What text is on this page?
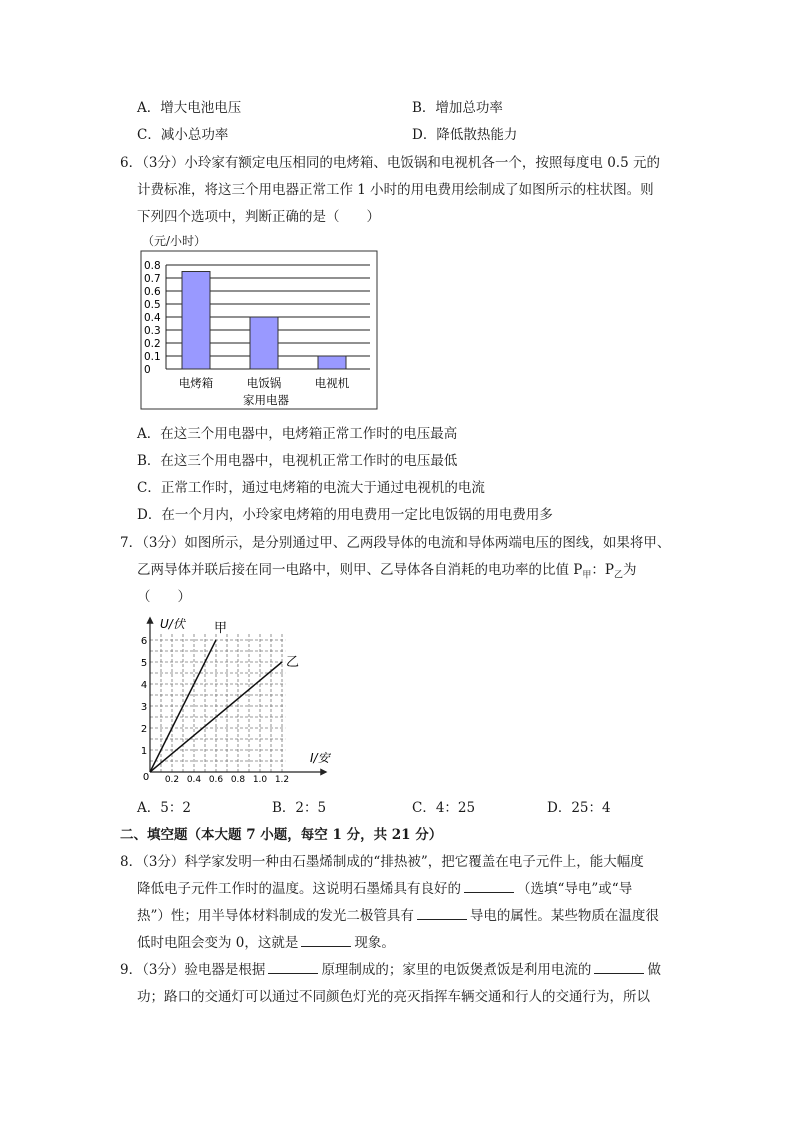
A．增大电池电压	B．增加总功率
C．减小总功率	D．降低散热能力
6．（3分）小玲家有额定电压相同的电烤箱、电饭锅和电视机各一个，按照每度电 0.5 元的
计费标准，将这三个用电器正常工作 1 小时的用电费用绘制成了如图所示的柱状图。则
下列四个选项中，判断正确的是（　　）
（元/小时）
0
0.1
0.2
0.3
0.4
0.5
0.6
0.7
0.8
电烤箱	电饭锅	电视机
家用电器
A．在这三个用电器中，电烤箱正常工作时的电压最高
B．在这三个用电器中，电视机正常工作时的电压最低
C．正常工作时，通过电烤箱的电流大于通过电视机的电流
D．在一个月内，小玲家电烤箱的用电费用一定比电饭锅的用电费用多
7．（3分）如图所示，是分别通过甲、乙两段导体的电流和导体两端电压的图线，如果将甲、
乙两导体并联后接在同一电路中，则甲、乙导体各自消耗的电功率的比值 $P_甲$：$P_乙$为
（　　）
0.2 0.4 0.6 0.8 1.0 1.2
1
2
3
4
5
6
甲
乙
0
U/伏
I/安
A．5：2	B．2：5	C．4：25	D．25：4
二、填空题（本大题 7 小题，每空 1 分，共 21 分）
8．（3分）科学家发明一种由石墨烯制成的“排热被”，把它覆盖在电子元件上，能大幅度
降低电子元件工作时的温度。这说明石墨烯具有良好的	（选填“导电”或“导
热”）性；用半导体材料制成的发光二极管具有	导电的属性。某些物质在温度很
低时电阻会变为 0，这就是	现象。
9．（3分）验电器是根据	原理制成的；家里的电饭煲煮饭是利用电流的	做
功；路口的交通灯可以通过不同颜色灯光的亮灭指挥车辆交通和行人的交通行为，所以
